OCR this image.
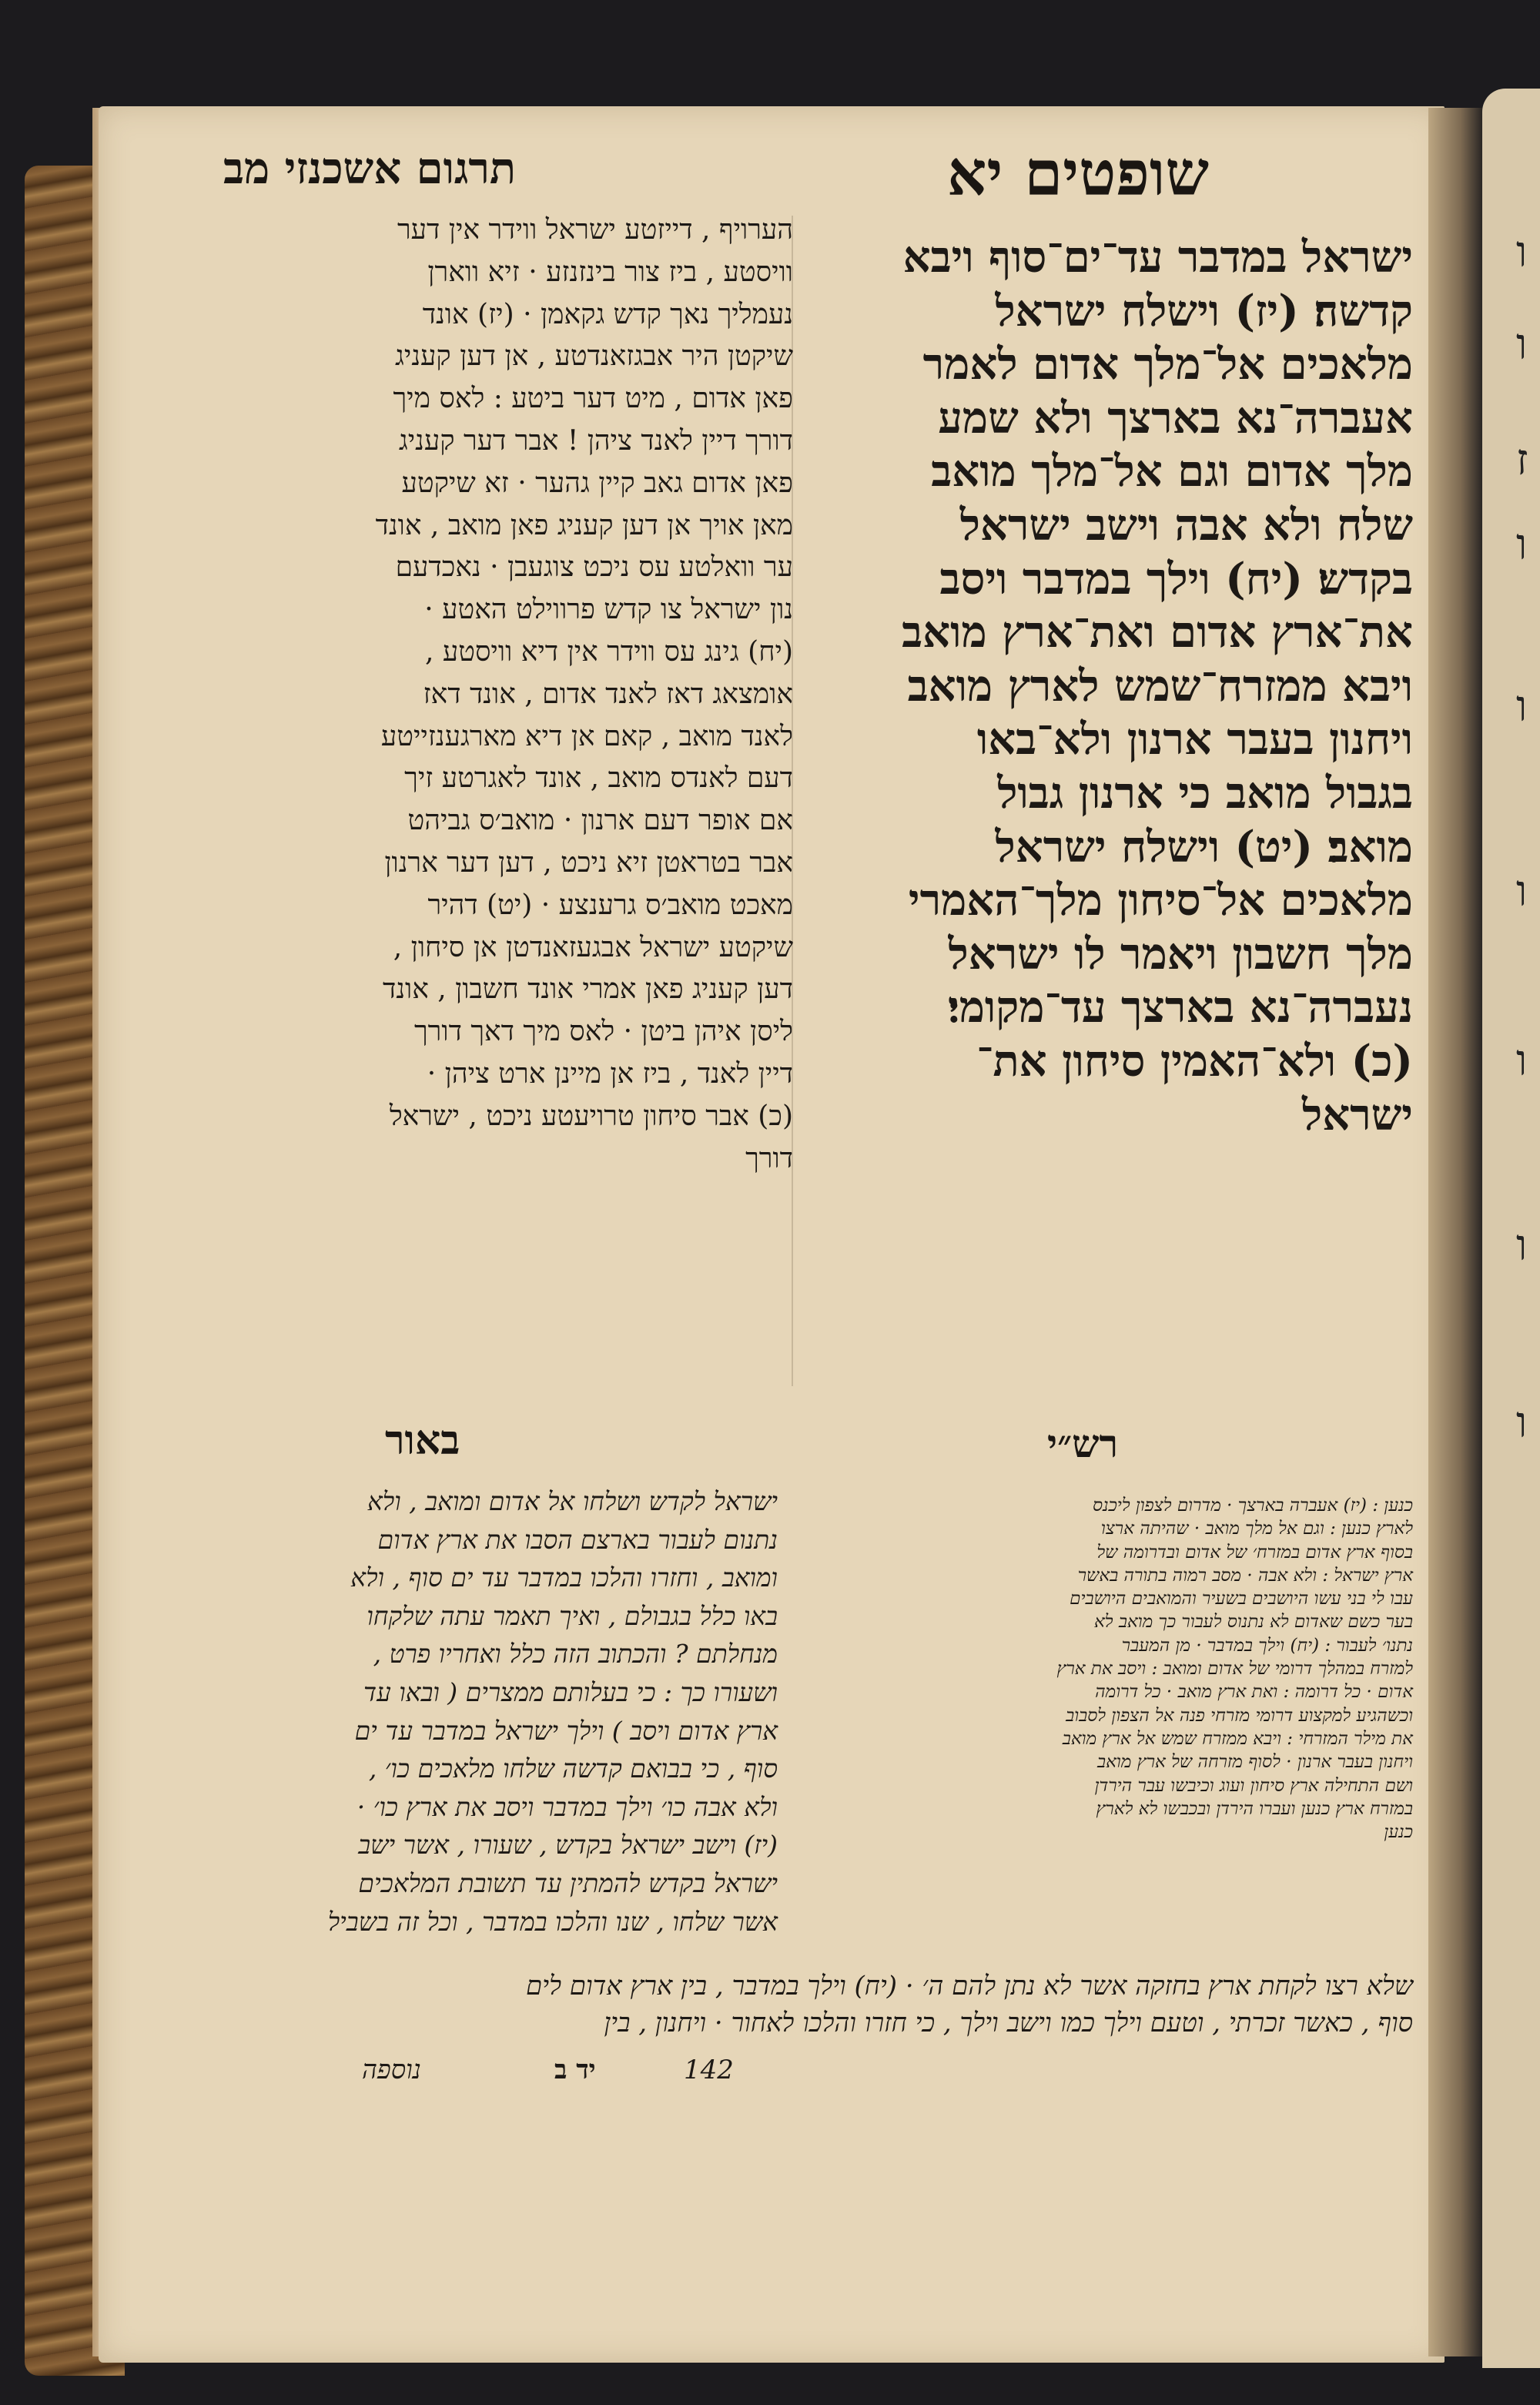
ו
ו
ז
ו
ו
ו
ו
ו
ו
שופטים יא
תרגום אשכנזי מב
ישראל במדבר עד־ים־סוף ויבא
קדשה׃ (יז) וישלח ישראל
מלאכים אל־מלך אדום לאמר
אעברה־נא בארצך ולא שמע
מלך אדום וגם אל־מלך מואב
שלח ולא אבה וישב ישראל
בקדש׃ (יח) וילך במדבר ויסב
את־ארץ אדום ואת־ארץ מואב
ויבא ממזרח־שמש לארץ מואב
ויחנון בעבר ארנון ולא־באו
בגבול מואב כי ארנון גבול
מואב׃ (יט) וישלח ישראל
מלאכים אל־סיחון מלך־האמרי
מלך חשבון ויאמר לו ישראל
נעברה־נא בארצך עד־מקומי׃
(כ) ולא־האמין סיחון את־
ישראל
הערויף , דייזטע ישראל ווידר אין דער
וויסטע , ביז צור בינזנזע · זיא ווארן
נעמליך נאך קדש גקאמן · (יז) אונד
שיקטן היר אבגזאנדטע , אן דען קעניג
פאן אדום , מיט דער ביטע : לאס מיך
דורך דיין לאנד ציהן ! אבר דער קעניג
פאן אדום גאב קיין גהער · זא שיקטע
מאן אויך אן דען קעניג פאן מואב , אונד
ער וואלטע עס ניכט צוגעבן · נאכדעם
נון ישראל צו קדש פרווילט האטע ·
(יח) גינג עס ווידר אין דיא וויסטע ,
אומצאג דאז לאנד אדום , אונד דאז
לאנד מואב , קאם אן דיא מארגענזייטע
דעם לאנדס מואב , אונד לאגרטע זיך
אם אופר דעם ארנון · מואב׳ס גביהט
אבר בטראטן זיא ניכט , דען דער ארנון
מאכט מואב׳ס גרענצע · (יט) דהיר
שיקטע ישראל אבגעזאנדטן אן סיחון ,
דען קעניג פאן אמרי אונד חשבון , אונד
ליסן איהן ביטן · לאס מיך דאך דורך
דיין לאנד , ביז אן מיינן ארט ציהן ·
(כ) אבר סיחון טרויעטע ניכט , ישראל
דורך
באור	רש״י
ישראל לקדש ושלחו אל אדום ומואב , ולא
נתנום לעבור בארצם הסבו את ארץ אדום
ומואב , וחזרו והלכו במדבר עד ים סוף , ולא
באו כלל בגבולם , ואיך תאמר עתה שלקחו
מנחלתם ? והכתוב הזה כלל ואחריו פרט ,
ושעורו כך : כי בעלותם ממצרים ( ובאו עד
ארץ אדום ויסב ) וילך ישראל במדבר עד ים
סוף , כי בבואם קדשה שלחו מלאכים כו׳ ,
ולא אבה כו׳ וילך במדבר ויסב את ארץ כו׳ ·
(יז) וישב ישראל בקדש , שעורו , אשר ישב
ישראל בקדש להמתין עד תשובת המלאכים
אשר שלחו , שנו והלכו במדבר , וכל זה בשביל
כנען : (יז) אעברה בארצך · מדרום לצפון ליכנס
לארץ כנען : וגם אל מלך מואב · שהיתה ארצו
בסוף ארץ אדום במזרח׳ של אדום ובדרומה של
ארץ ישראל : ולא אבה · מסב רמוה בתורה באשר
עבו לי בני עשו היושבים בשעיר והמואבים היושבים
בער כשם שאדום לא נתנוס לעבור כך מואב לא
נתנו׳ לעבור : (יח) וילך במדבר · מן המעבר
למזרח במהלך דרומי של אדום ומואב : ויסב את ארץ
אדום · כל דרומה : ואת ארץ מואב · כל דרומה
וכשהגיע למקצוע דרומי מזרחי פנה אל הצפון לסבוב
את מילר המזרחי : ויבא ממזרח שמש אל ארץ מואב
ויחנון בעבר ארנון · לסוף מזרחה של ארץ מואב
ושם התחילה ארץ סיחון ועוג וכיבשו עבר הירדן
במזרח ארץ כנען ועברו הירדן ובכבשו לא לארץ
כנען
שלא רצו לקחת ארץ בחזקה אשר לא נתן להם ה׳ · (יח) וילך במדבר , בין ארץ אדום לים
סוף , כאשר זכרתי , וטעם וילך כמו וישב וילך , כי חזרו והלכו לאחור · ויחנון , בין
נוספה	יד ב	142
